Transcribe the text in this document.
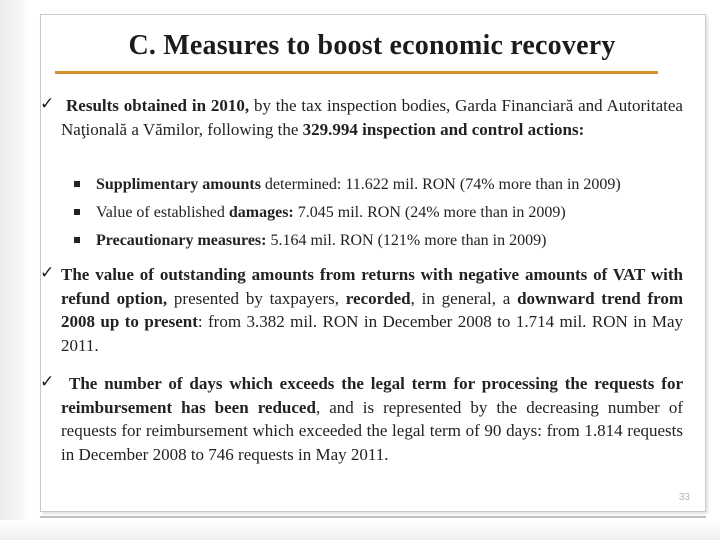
C. Measures to boost economic recovery
✓ Results obtained in 2010, by the tax inspection bodies, Garda Financiară and Autoritatea Naţională a Vămilor, following the 329.994 inspection and control actions:

Supplimentary amounts determined: 11.622 mil. RON (74% more than in 2009)
Value of established damages: 7.045 mil. RON (24% more than in 2009)
Precautionary measures: 5.164 mil. RON (121% more than in 2009)
✓ The value of outstanding amounts from returns with negative amounts of VAT with refund option, presented by taxpayers, recorded, in general, a downward trend from 2008 up to present: from 3.382 mil. RON in December 2008 to 1.714 mil. RON in May 2011.

✓ The number of days which exceeds the legal term for processing the requests for reimbursement has been reduced, and is represented by the decreasing number of requests for reimbursement which exceeded the legal term of 90 days: from 1.814 requests in December 2008 to 746 requests in May 2011.

33
